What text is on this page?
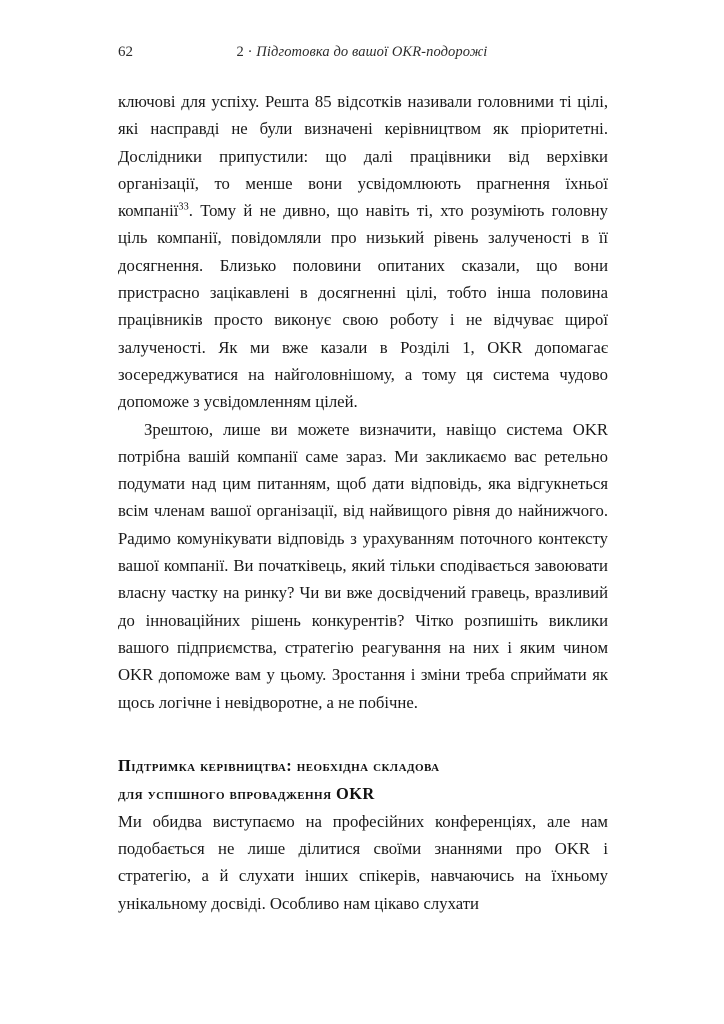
62	2 · Підготовка до вашої OKR-подорожі

ключові для успіху. Решта 85 відсотків називали головними ті цілі, які насправді не були визначені керівництвом як пріоритетні. Дослідники припустили: що далі працівники від верхівки організації, то менше вони усвідомлюють прагнення їхньої компанії$^{33}$. Тому й не дивно, що навіть ті, хто розуміють головну ціль компанії, повідомляли про низький рівень залученості в її досягнення. Близько половини опитаних сказали, що вони пристрасно зацікавлені в досягненні цілі, тобто інша половина працівників просто виконує свою роботу і не відчуває щирої залученості. Як ми вже казали в Розділі 1, OKR допомагає зосереджуватися на найголовнішому, а тому ця система чудово допоможе з усвідомленням цілей.

Зрештою, лише ви можете визначити, навіщо система OKR потрібна вашій компанії саме зараз. Ми закликаємо вас ретельно подумати над цим питанням, щоб дати відповідь, яка відгукнеться всім членам вашої організації, від найвищого рівня до найнижчого. Радимо комунікувати відповідь з урахуванням поточного контексту вашої компанії. Ви початківець, який тільки сподівається завоювати власну частку на ринку? Чи ви вже досвідчений гравець, вразливий до інноваційних рішень конкурентів? Чітко розпишіть виклики вашого підприємства, стратегію реагування на них і яким чином OKR допоможе вам у цьому. Зростання і зміни треба сприймати як щось логічне і невідворотне, а не побічне.

Підтримка керівництва: необхідна складова
для успішного впровадження OKR

Ми обидва виступаємо на професійних конференціях, але нам подобається не лише ділитися своїми знаннями про OKR і стратегію, а й слухати інших спікерів, навчаючись на їхньому унікальному досвіді. Особливо нам цікаво слухати
